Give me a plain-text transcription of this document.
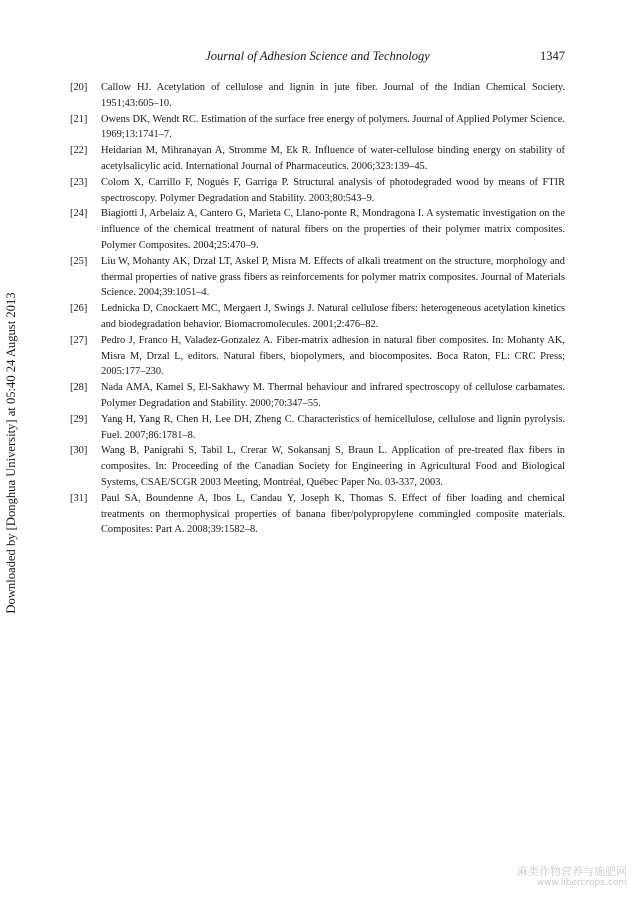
Journal of Adhesion Science and Technology	1347
[20] Callow HJ. Acetylation of cellulose and lignin in jute fiber. Journal of the Indian Chemical Society. 1951;43:605–10.
[21] Owens DK, Wendt RC. Estimation of the surface free energy of polymers. Journal of Applied Polymer Science. 1969;13:1741–7.
[22] Heidarian M, Mihranayan A, Stromme M, Ek R. Influence of water-cellulose binding energy on stability of acetylsalicylic acid. International Journal of Pharmaceutics. 2006;323:139–45.
[23] Colom X, Carrillo F, Nogués F, Garriga P. Structural analysis of photodegraded wood by means of FTIR spectroscopy. Polymer Degradation and Stability. 2003;80:543–9.
[24] Biagiotti J, Arbelaiz A, Cantero G, Marieta C, Llano-ponte R, Mondragona I. A systematic investigation on the influence of the chemical treatment of natural fibers on the properties of their polymer matrix composites. Polymer Composites. 2004;25:470–9.
[25] Liu W, Mohanty AK, Drzal LT, Askel P, Misra M. Effects of alkali treatment on the structure, morphology and thermal properties of native grass fibers as reinforcements for polymer matrix composites. Journal of Materials Science. 2004;39:1051–4.
[26] Lednicka D, Cnockaert MC, Mergaert J, Swings J. Natural cellulose fibers: heterogeneous acetylation kinetics and biodegradation behavior. Biomacromolecules. 2001;2:476–82.
[27] Pedro J, Franco H, Valadez-Gonzalez A. Fiber-matrix adhesion in natural fiber composites. In: Mohanty AK, Misra M, Drzal L, editors. Natural fibers, biopolymers, and biocomposites. Boca Raton, FL: CRC Press; 2005:177–230.
[28] Nada AMA, Kamel S, El-Sakhawy M. Thermal behaviour and infrared spectroscopy of cellulose carbamates. Polymer Degradation and Stability. 2000;70:347–55.
[29] Yang H, Yang R, Chen H, Lee DH, Zheng C. Characteristics of hemicellulose, cellulose and lignin pyrolysis. Fuel. 2007;86:1781–8.
[30] Wang B, Panigrahi S, Tabil L, Crerar W, Sokansanj S, Braun L. Application of pre-treated flax fibers in composites. In: Proceeding of the Canadian Society for Engineering in Agricultural Food and Biological Systems, CSAE/SCGR 2003 Meeting, Montréal, Québec Paper No. 03-337, 2003.
[31] Paul SA, Boundenne A, Ibos L, Candau Y, Joseph K, Thomas S. Effect of fiber loading and chemical treatments on thermophysical properties of banana fiber/polypropylene commingled composite materials. Composites: Part A. 2008;39:1582–8.
Downloaded by [Donghua University] at 05:40 24 August 2013
麻类作物营养与施肥网
www.libercrops.com
